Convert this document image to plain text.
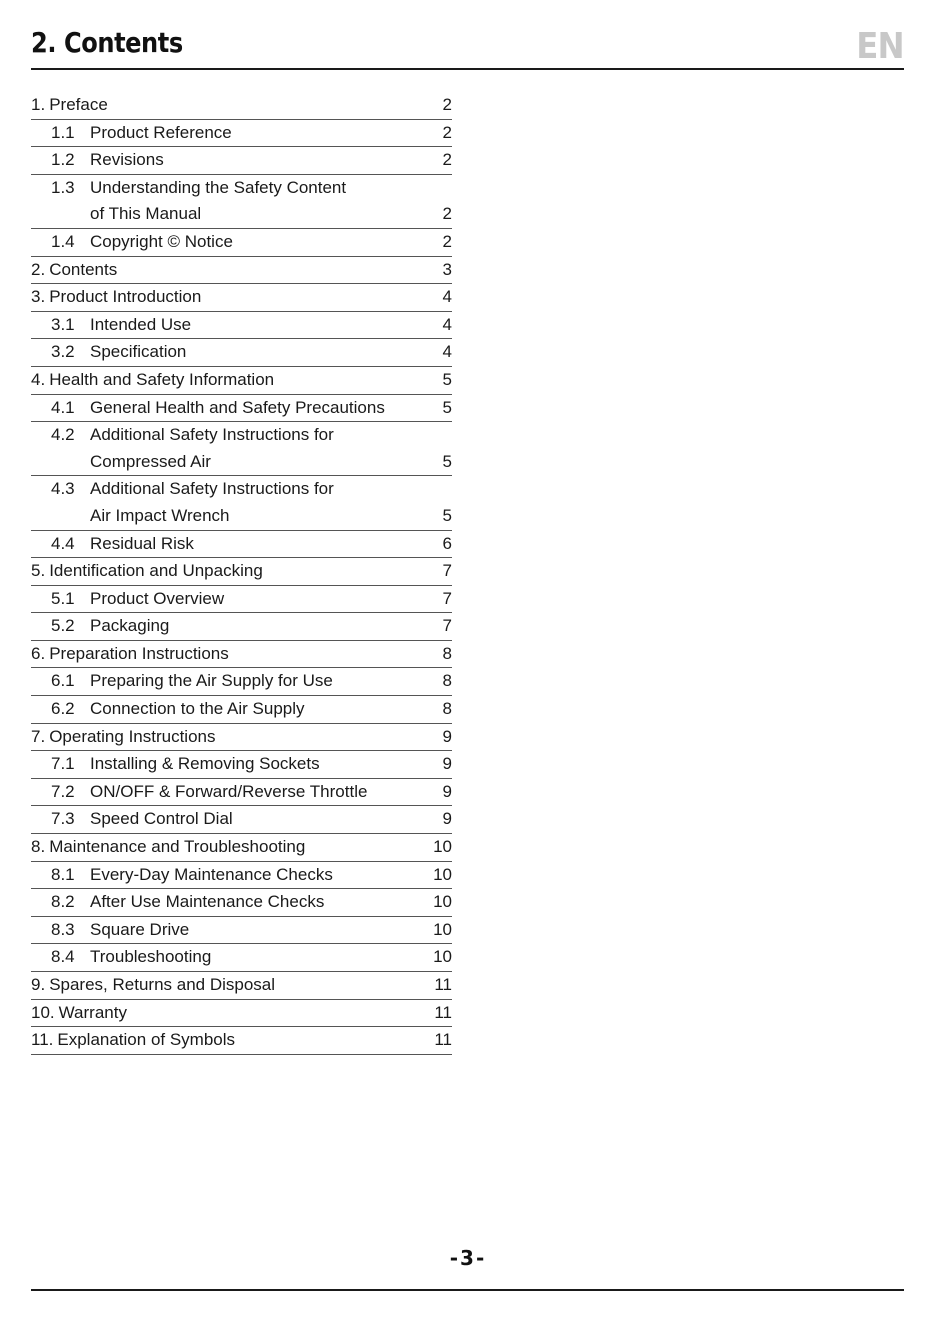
2. Contents	EN
1. Preface	2
1.1 Product Reference	2
1.2 Revisions	2
1.3 Understanding the Safety Content
of This Manual	2
1.4 Copyright © Notice	2
2. Contents	3
3. Product Introduction	4
3.1 Intended Use	4
3.2 Specification	4
4. Health and Safety Information	5
4.1 General Health and Safety Precautions	5
4.2 Additional Safety Instructions for
Compressed Air	5
4.3 Additional Safety Instructions for
Air Impact Wrench	5
4.4 Residual Risk	6
5. Identification and Unpacking	7
5.1 Product Overview	7
5.2 Packaging	7
6. Preparation Instructions	8
6.1 Preparing the Air Supply for Use	8
6.2 Connection to the Air Supply	8
7. Operating Instructions	9
7.1 Installing & Removing Sockets	9
7.2 ON/OFF & Forward/Reverse Throttle	9
7.3 Speed Control Dial	9
8. Maintenance and Troubleshooting	10
8.1 Every-Day Maintenance Checks	10
8.2 After Use Maintenance Checks	10
8.3 Square Drive	10
8.4 Troubleshooting	10
9. Spares, Returns and Disposal	11
10. Warranty	11
11. Explanation of Symbols	11
-3-
